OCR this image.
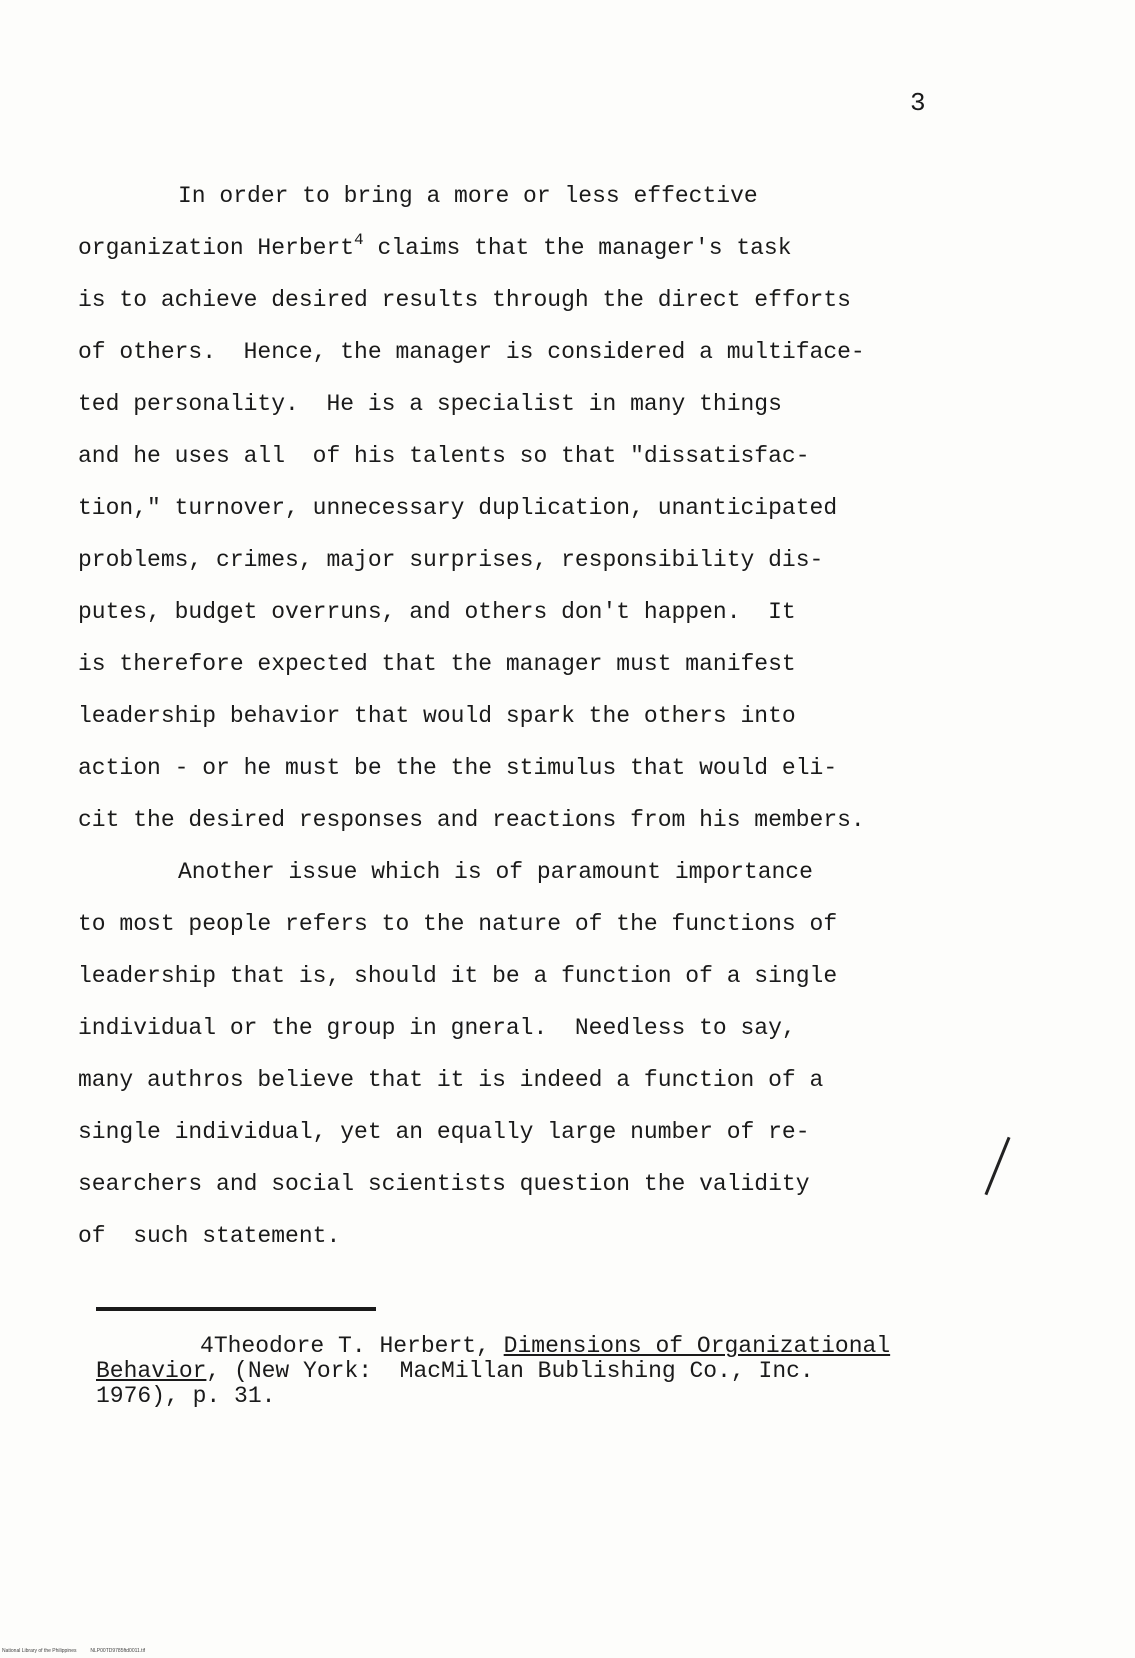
3
In order to bring a more or less effective
organization Herbert$^4$ claims that the manager's task
is to achieve desired results through the direct efforts
of others.  Hence, the manager is considered a multiface-
ted personality.  He is a specialist in many things
and he uses all  of his talents so that "dissatisfac-
tion," turnover, unnecessary duplication, unanticipated
problems, crimes, major surprises, responsibility dis-
putes, budget overruns, and others don't happen.  It
is therefore expected that the manager must manifest
leadership behavior that would spark the others into
action - or he must be the the stimulus that would eli-
cit the desired responses and reactions from his members.
Another issue which is of paramount importance
to most people refers to the nature of the functions of
leadership that is, should it be a function of a single
individual or the group in gneral.  Needless to say,
many authros believe that it is indeed a function of a
single individual, yet an equally large number of re-
searchers and social scientists question the validity
of  such statement.
4Theodore T. Herbert, Dimensions of Organizational
Behavior, (New York:  MacMillan Bublishing Co., Inc.
1976), p. 31.
National Library of the Philippines	NLP00TD9785ftd0011.tif
